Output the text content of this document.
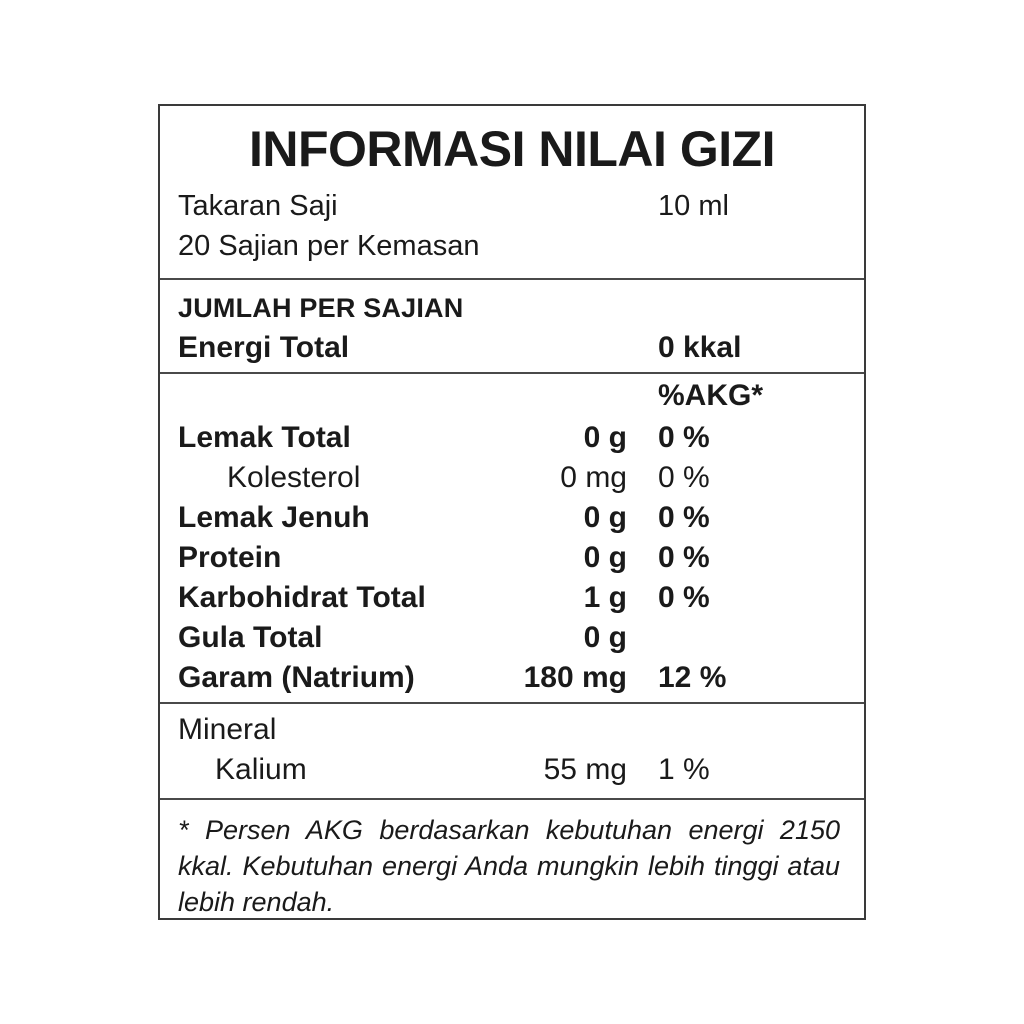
INFORMASI NILAI GIZI
Takaran Saji	10 ml
20 Sajian per Kemasan
JUMLAH PER SAJIAN
Energi Total	0 kkal
%AKG*
Lemak Total	0 g 0 %
Kolesterol	0 mg 0 %
Lemak Jenuh	0 g 0 %
Protein	0 g 0 %
Karbohidrat Total	1 g 0 %
Gula Total	0 g
Garam (Natrium)	180 mg 12 %
Mineral
Kalium	55 mg 1 %
* Persen AKG berdasarkan kebutuhan energi 2150 kkal. Kebutuhan energi Anda mungkin lebih tinggi atau lebih rendah.
